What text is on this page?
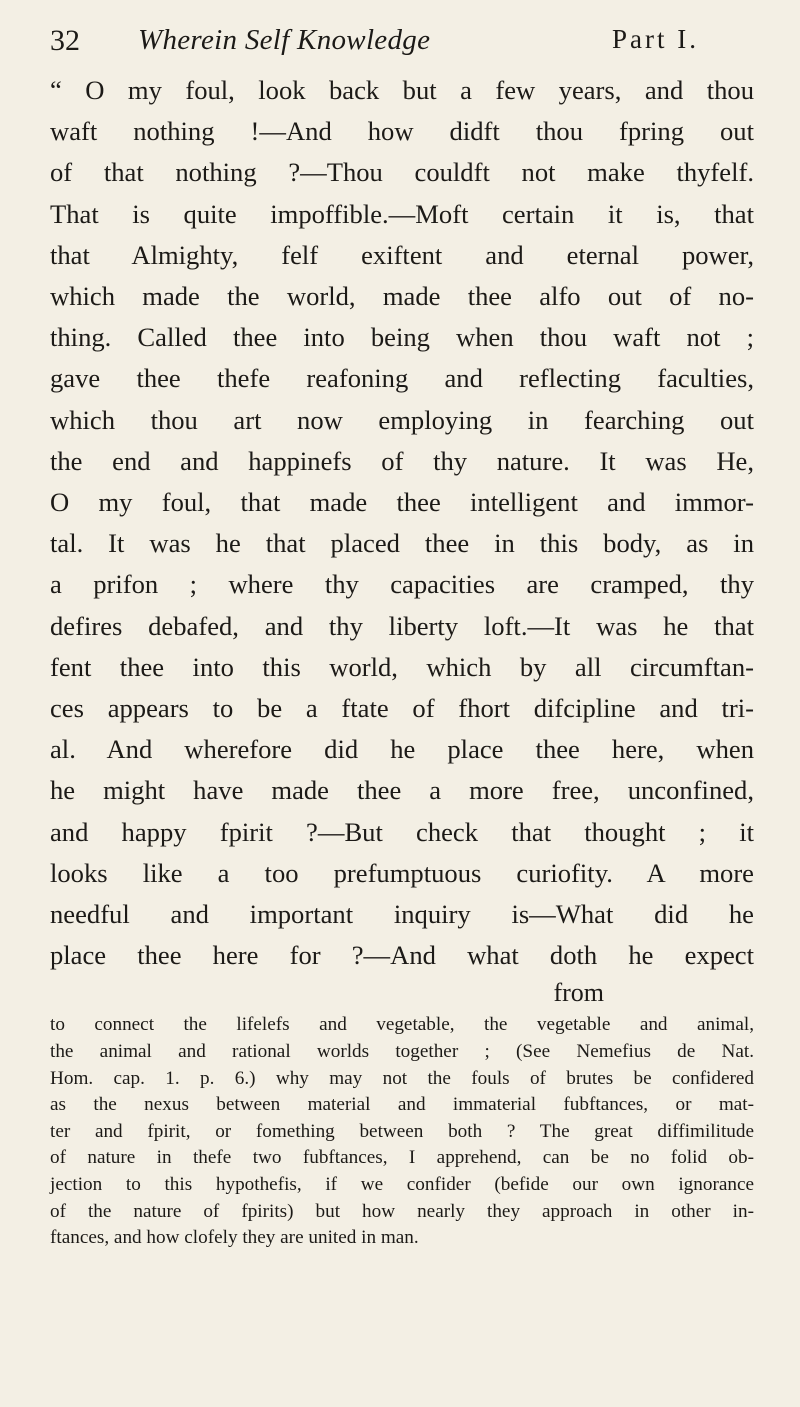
32 Wherein Self Knowledge	Part I.

“ O my foul, look back but a few years, and thou
waft nothing !—And how didft thou fpring out
of that nothing ?—Thou couldft not make thyfelf.
That is quite impoffible.—Moft certain it is, that
that Almighty, felf exiftent and eternal power,
which made the world, made thee alfo out of no-
thing. Called thee into being when thou waft not ;
gave thee thefe reafoning and reflecting faculties,
which thou art now employing in fearching out
the end and happinefs of thy nature. It was He,
O my foul, that made thee intelligent and immor-
tal. It was he that placed thee in this body, as in
a prifon ; where thy capacities are cramped, thy
defires debafed, and thy liberty loft.—It was he that
fent thee into this world, which by all circumftan-
ces appears to be a ftate of fhort difcipline and tri-
al. And wherefore did he place thee here, when
he might have made thee a more free, unconfined,
and happy fpirit ?—But check that thought ; it
looks like a too prefumptuous curiofity. A more
needful and important inquiry is—What did he
place thee here for ?—And what doth he expect

from

to connect the lifelefs and vegetable, the vegetable and animal,
the animal and rational worlds together ; (See Nemefius de Nat.
Hom. cap. 1. p. 6.) why may not the fouls of brutes be confidered
as the nexus between material and immaterial fubftances, or mat-
ter and fpirit, or fomething between both ? The great diffimilitude
of nature in thefe two fubftances, I apprehend, can be no folid ob-
jection to this hypothefis, if we confider (befide our own ignorance
of the nature of fpirits) but how nearly they approach in other in-
ftances, and how clofely they are united in man.
